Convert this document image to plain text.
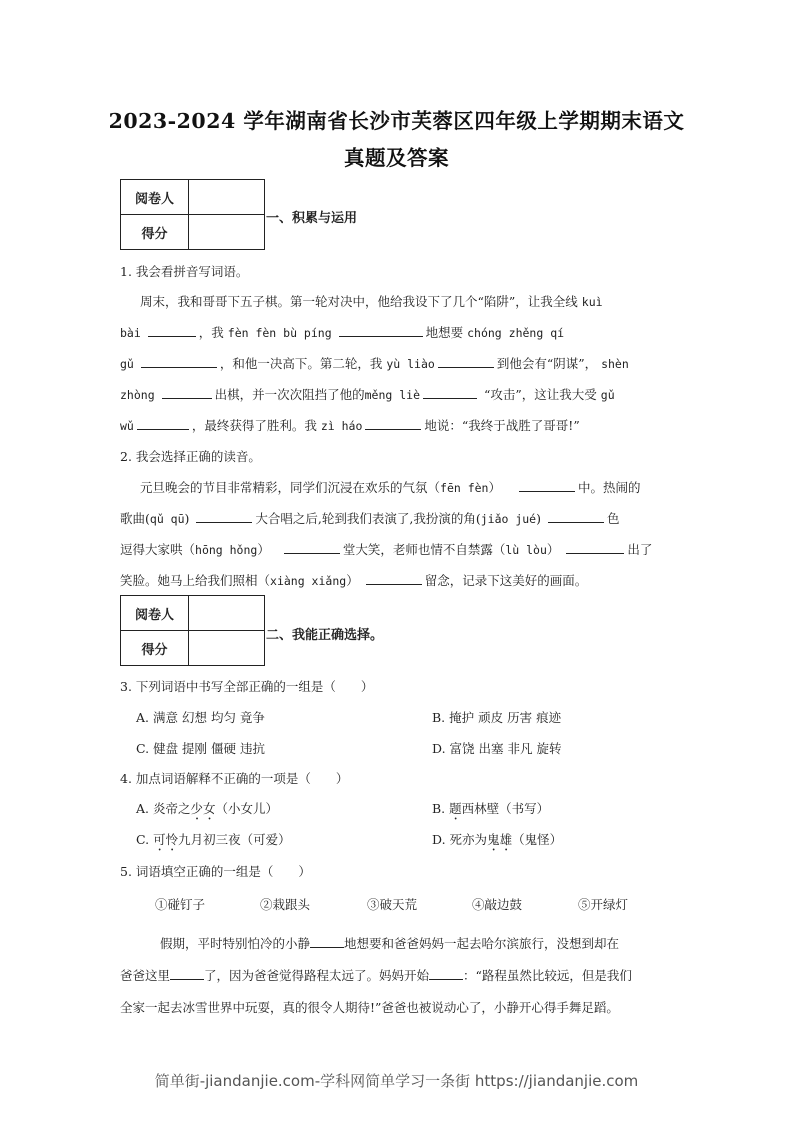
2023-2024 学年湖南省长沙市芙蓉区四年级上学期期末语文
真题及答案
阅卷人	
得分	
一、积累与运用
1. 我会看拼音写词语。
周末，我和哥哥下五子棋。第一轮对决中，他给我设下了几个“陷阱”，让我全线 kuì
bài	，我 fèn fèn bù píng	地想要 chóng zhěng qí
gǔ	，和他一决高下。第二轮，我 yù liào	到他会有“阴谋”， shèn
zhòng	出棋，并一次次阻挡了他的měng liè	“攻击”，这让我大受 gǔ
wǔ	，最终获得了胜利。我 zì háo	地说：“我终于战胜了哥哥!”
2. 我会选择正确的读音。
元旦晚会的节目非常精彩，同学们沉浸在欢乐的气氛（fēn fèn）	中。热闹的
歌曲(qǔ qū)	大合唱之后,轮到我们表演了,我扮演的角(jiǎo jué)	色
逗得大家哄（hōng hǒng）	堂大笑，老师也情不自禁露（lù lòu）	出了
笑脸。她马上给我们照相（xiàng xiǎng）	留念，记录下这美好的画面。
阅卷人	
得分	
二、我能正确选择。
3. 下列词语中书写全部正确的一组是（　　）
A. 满意 幻想 均匀 竟争	B. 掩护 顽皮 历害 痕迹
C. 健盘 提刚 僵硬 违抗	D. 富饶 出塞 非凡 旋转
4. 加点词语解释不正确的一项是（　　）
A. 炎帝之少女（小女儿）	B. 题西林壁（书写）
C. 可怜九月初三夜（可爱）	D. 死亦为鬼雄（鬼怪）
5. 词语填空正确的一组是（　　）
①碰钉子	②栽跟头	③破天荒	④敲边鼓	⑤开绿灯
假期，平时特别怕冷的小静	地想要和爸爸妈妈一起去哈尔滨旅行，没想到却在
爸爸这里	了，因为爸爸觉得路程太远了。妈妈开始	：“路程虽然比较远，但是我们
全家一起去冰雪世界中玩耍，真的很令人期待!”爸爸也被说动心了，小静开心得手舞足蹈。
简单街-jiandanjie.com-学科网简单学习一条街 https://jiandanjie.com
